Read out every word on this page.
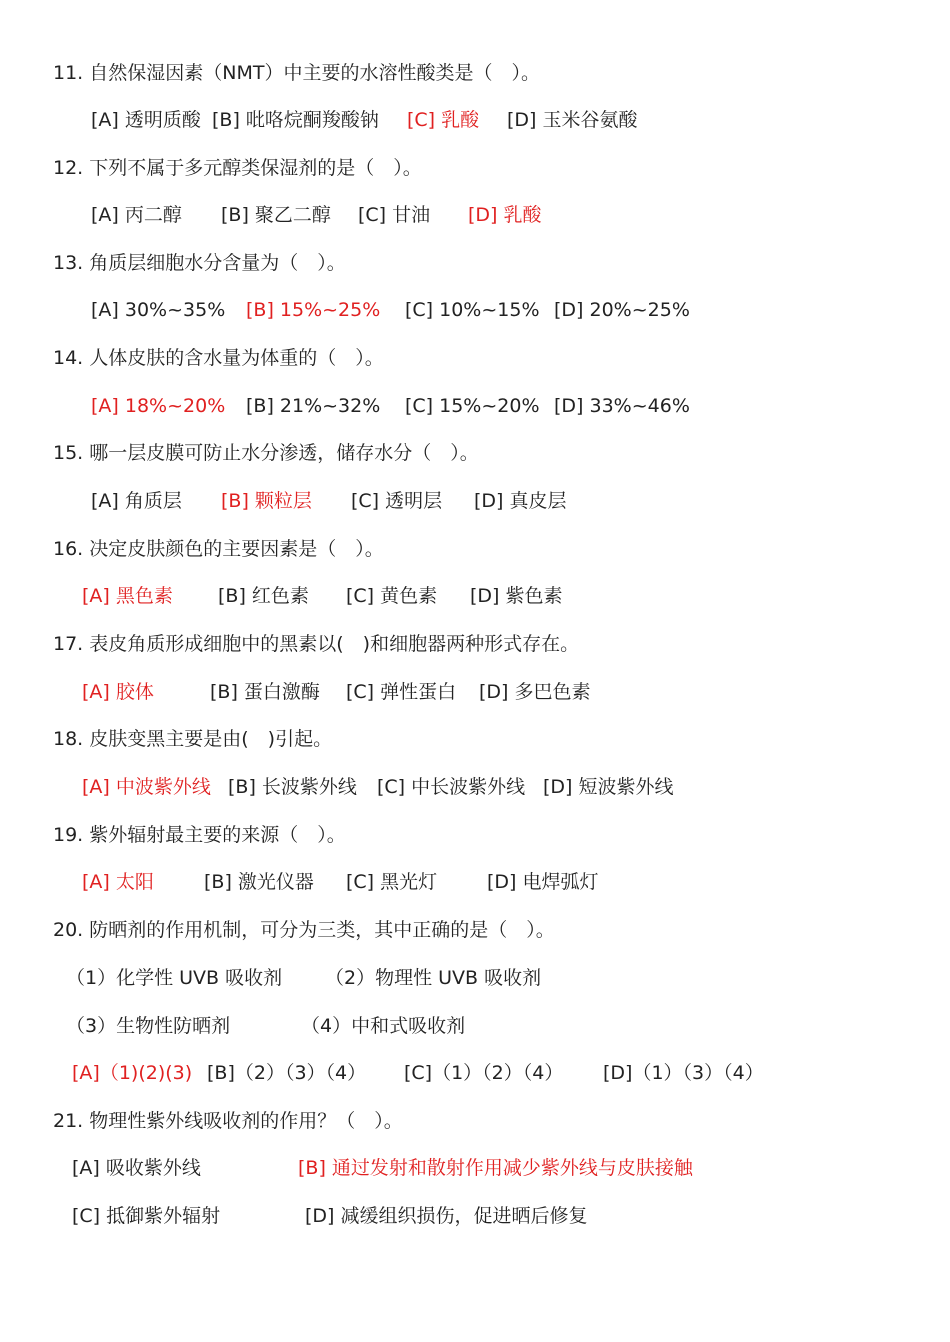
11. 自然保湿因素（NMT）中主要的水溶性酸类是（　）。
[A] 透明质酸 [B] 吡咯烷酮羧酸钠 [C] 乳酸 [D] 玉米谷氨酸
12. 下列不属于多元醇类保湿剂的是（　）。
[A] 丙二醇 [B] 聚乙二醇 [C] 甘油 [D] 乳酸
13. 角质层细胞水分含量为（　）。
[A] 30%~35% [B] 15%~25% [C] 10%~15% [D] 20%~25%
14. 人体皮肤的含水量为体重的（　）。
[A] 18%~20% [B] 21%~32% [C] 15%~20% [D] 33%~46%
15. 哪一层皮膜可防止水分渗透，储存水分（　）。
[A] 角质层 [B] 颗粒层 [C] 透明层 [D] 真皮层
16. 决定皮肤颜色的主要因素是（　）。
[A] 黑色素 [B] 红色素 [C] 黄色素 [D] 紫色素
17. 表皮角质形成细胞中的黑素以(　)和细胞器两种形式存在。
[A] 胶体	[B] 蛋白激酶 [C] 弹性蛋白 [D] 多巴色素
18. 皮肤变黑主要是由(　)引起。
[A] 中波紫外线 [B] 长波紫外线 [C] 中长波紫外线 [D] 短波紫外线
19. 紫外辐射最主要的来源（　）。
[A] 太阳	[B] 激光仪器 [C] 黑光灯	[D] 电焊弧灯
20. 防晒剂的作用机制，可分为三类，其中正确的是（　）。
（1）化学性 UVB 吸收剂 （2）物理性 UVB 吸收剂
（3）生物性防晒剂	（4）中和式吸收剂
[A]（1)(2)(3) [B]（2）（3）（4） [C]（1）（2）（4） [D]（1）（3）（4）
21. 物理性紫外线吸收剂的作用？（　）。
[A] 吸收紫外线	[B] 通过发射和散射作用减少紫外线与皮肤接触
[C] 抵御紫外辐射	[D] 减缓组织损伤，促进晒后修复
